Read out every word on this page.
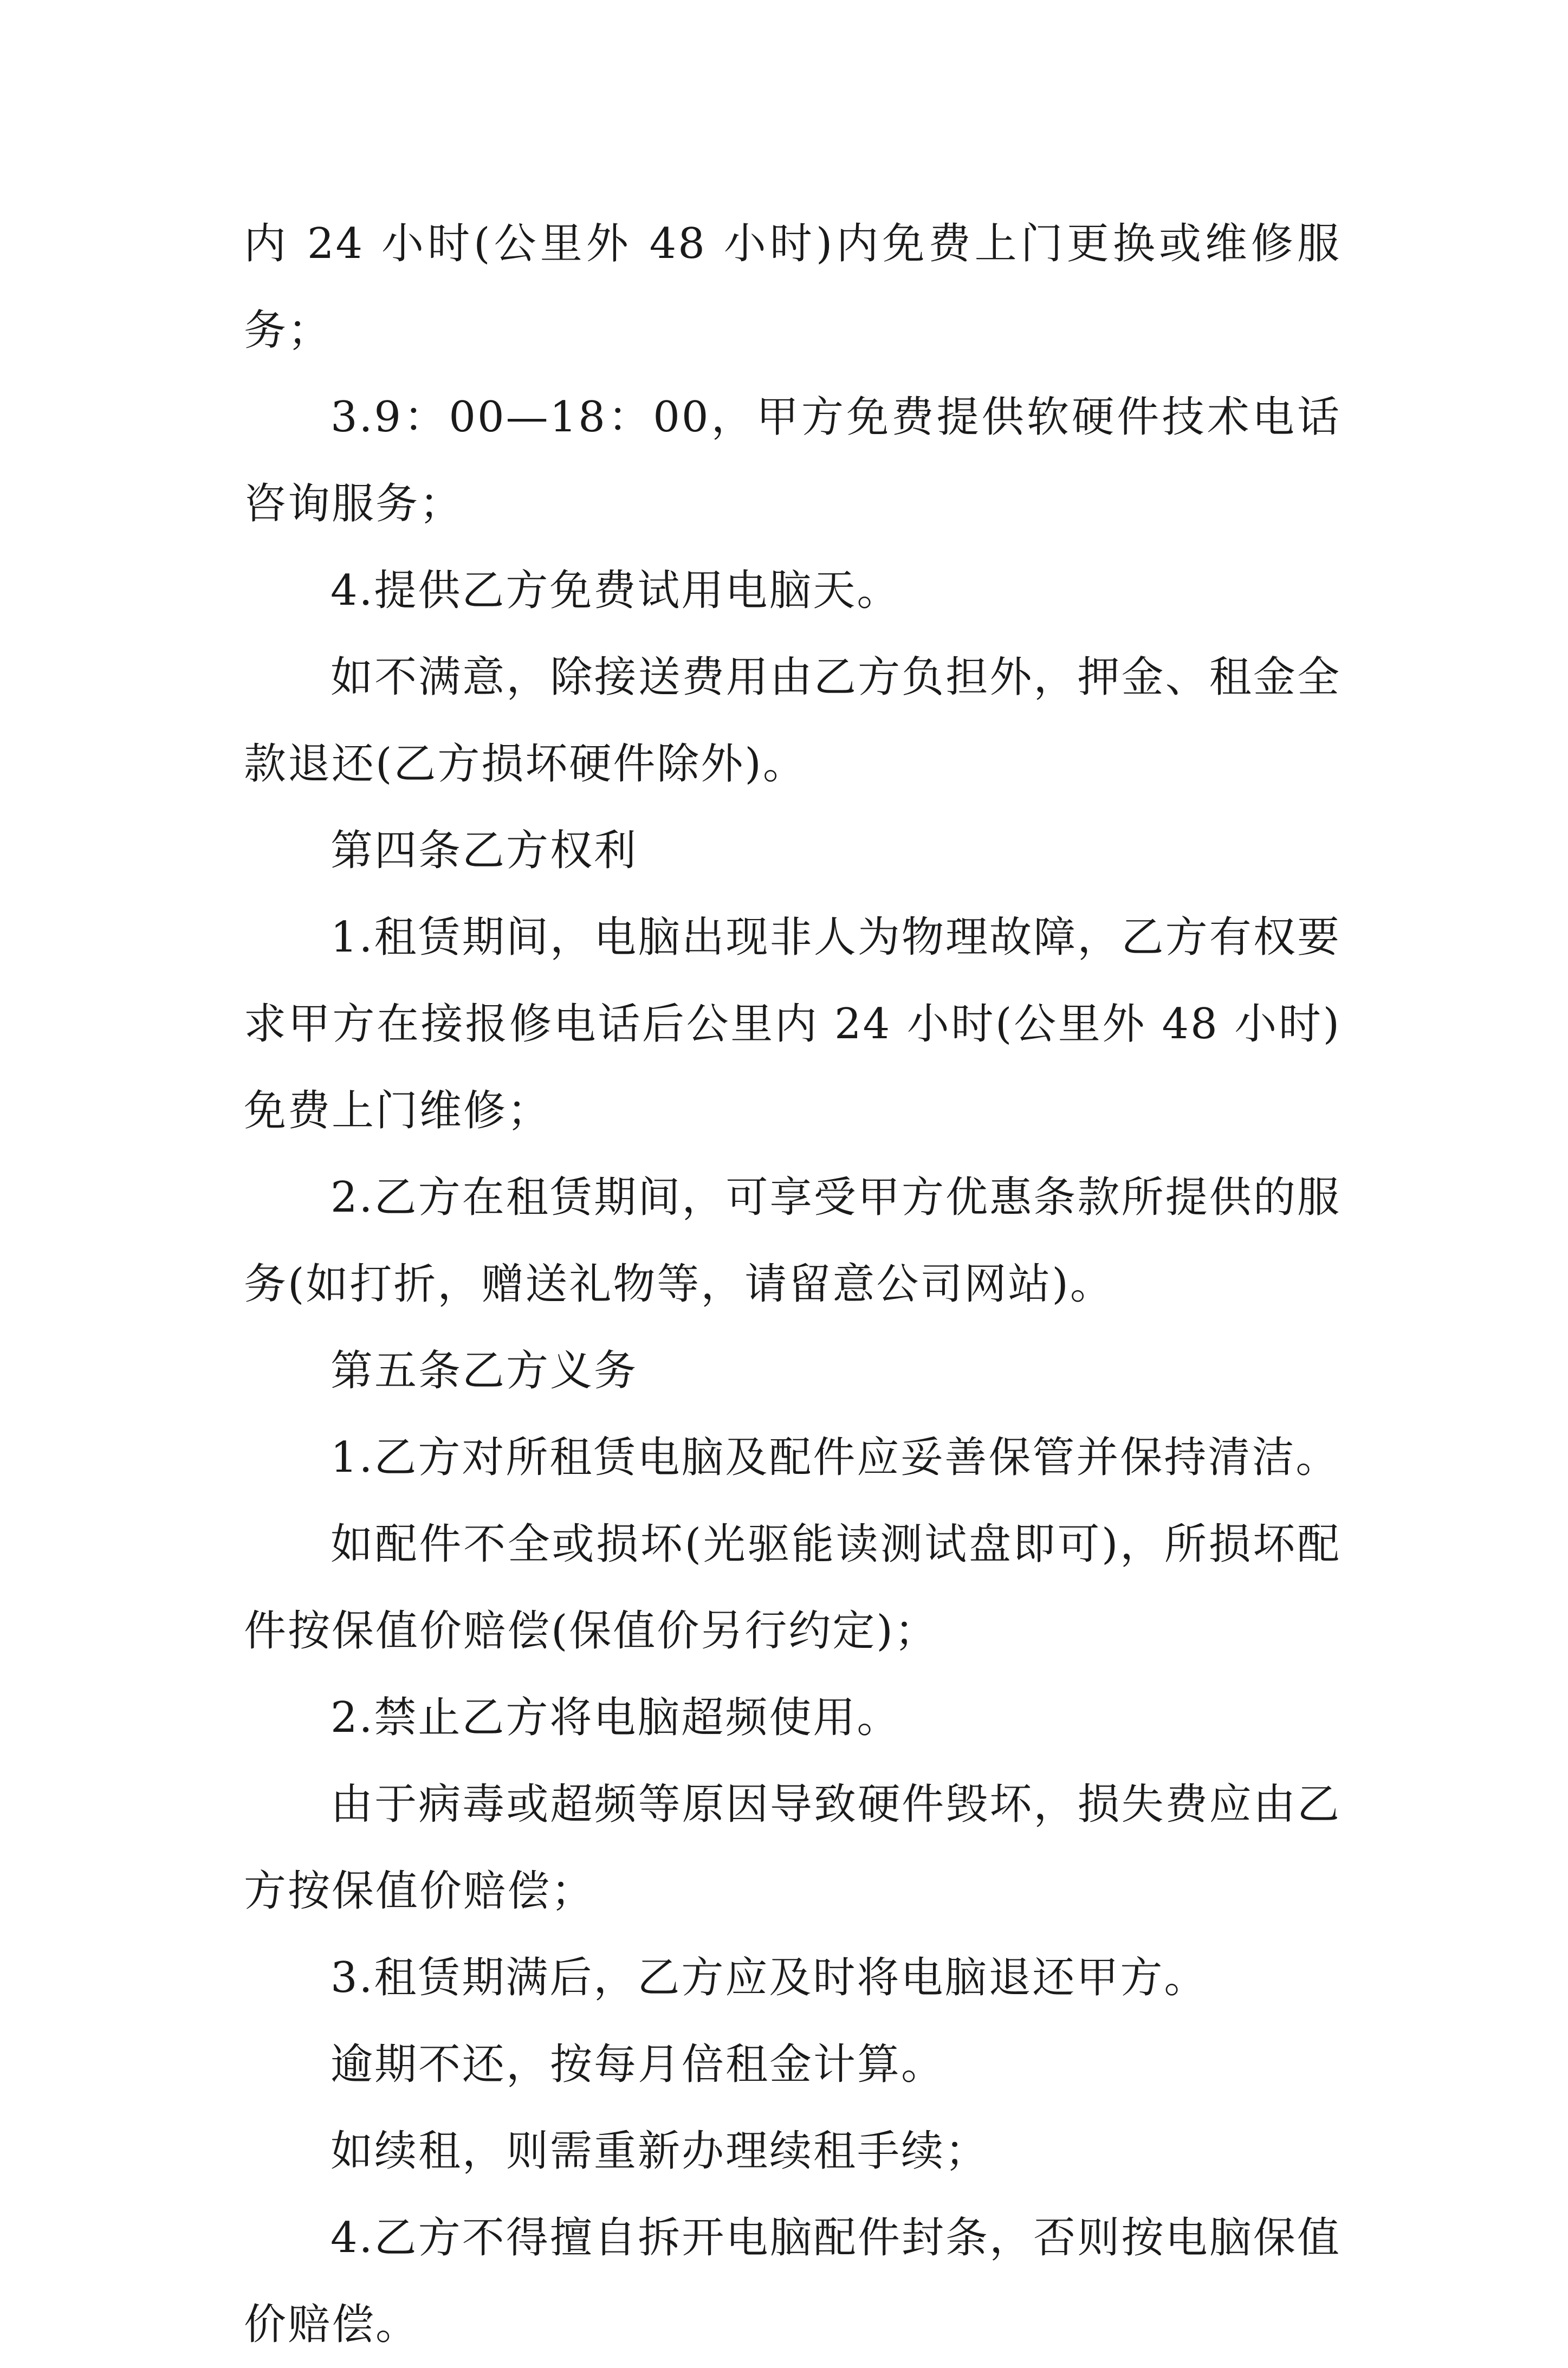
内 24 小时(公里外 48 小时)内免费上门更换或维修服务；

3.9：00—18：00，甲方免费提供软硬件技术电话咨询服务；

4.提供乙方免费试用电脑天。

如不满意，除接送费用由乙方负担外，押金、租金全款退还(乙方损坏硬件除外)。

第四条乙方权利

1.租赁期间，电脑出现非人为物理故障，乙方有权要求甲方在接报修电话后公里内 24 小时(公里外 48 小时)免费上门维修；

2.乙方在租赁期间，可享受甲方优惠条款所提供的服务(如打折，赠送礼物等，请留意公司网站)。

第五条乙方义务

1.乙方对所租赁电脑及配件应妥善保管并保持清洁。

如配件不全或损坏(光驱能读测试盘即可)，所损坏配件按保值价赔偿(保值价另行约定)；

2.禁止乙方将电脑超频使用。

由于病毒或超频等原因导致硬件毁坏，损失费应由乙方按保值价赔偿；

3.租赁期满后，乙方应及时将电脑退还甲方。

逾期不还，按每月倍租金计算。

如续租，则需重新办理续租手续；

4.乙方不得擅自拆开电脑配件封条，否则按电脑保值价赔偿。
